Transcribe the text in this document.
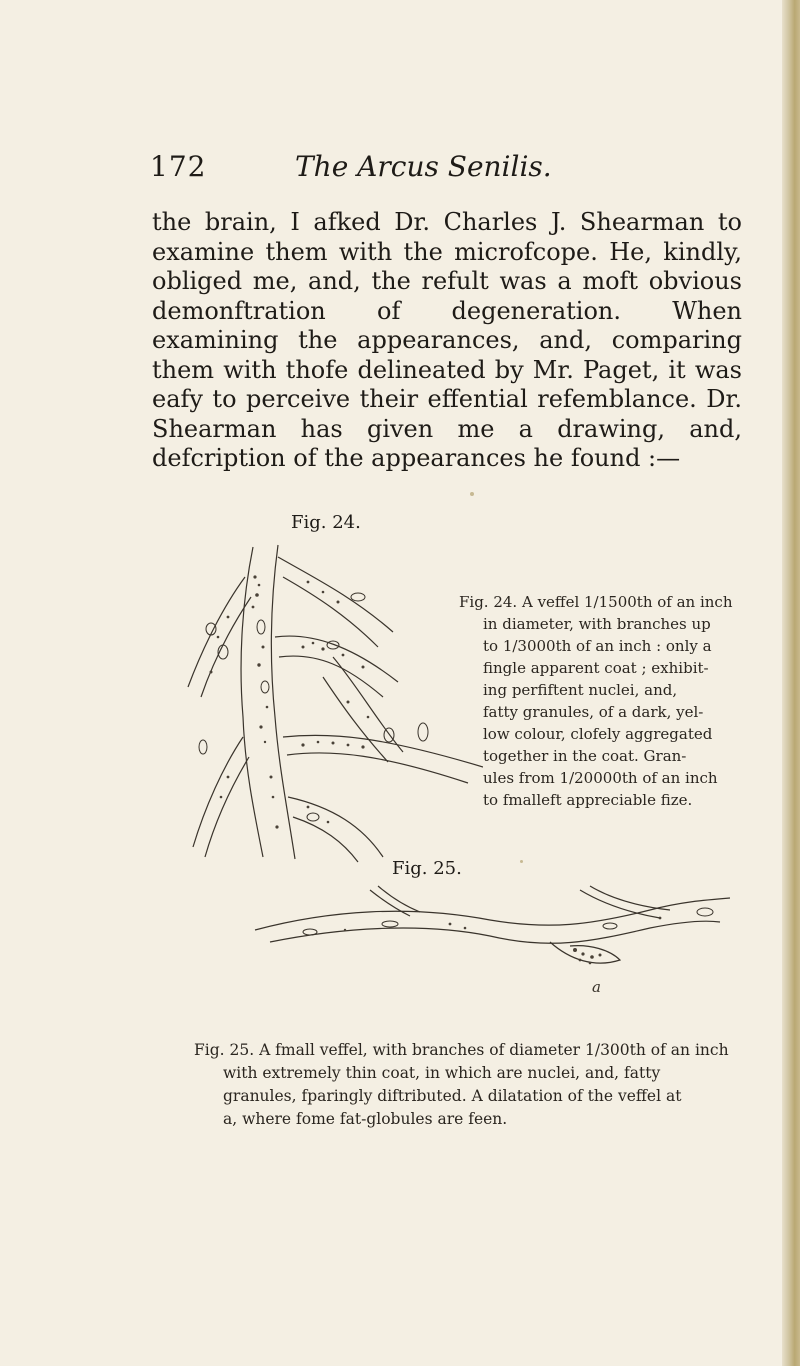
172	The Arcus Senilis.

the brain, I afked Dr. Charles J. Shearman to examine them with the microfcope. He, kindly, obliged me, and, the refult was a moft obvious demonftration of degeneration. When examining the appearances, and, comparing them with thofe delineated by Mr. Paget, it was eafy to perceive their effential refemblance. Dr. Shearman has given me a drawing, and, defcription of the appearances he found :—

Fig. 24.
Fig. 24. A veffel 1/1500th of an inch
in diameter, with branches up
to 1/3000th of an inch : only a
fingle apparent coat ; exhibit-
ing perfiftent nuclei, and,
fatty granules, of a dark, yel-
low colour, clofely aggregated
together in the coat. Gran-
ules from 1/20000th of an inch
to fmalleft appreciable fize.
Fig. 25.
a
Fig. 25. A fmall veffel, with branches of diameter 1/300th of an inch
with extremely thin coat, in which are nuclei, and, fatty
granules, fparingly diftributed. A dilatation of the veffel at
a, where fome fat-globules are feen.
